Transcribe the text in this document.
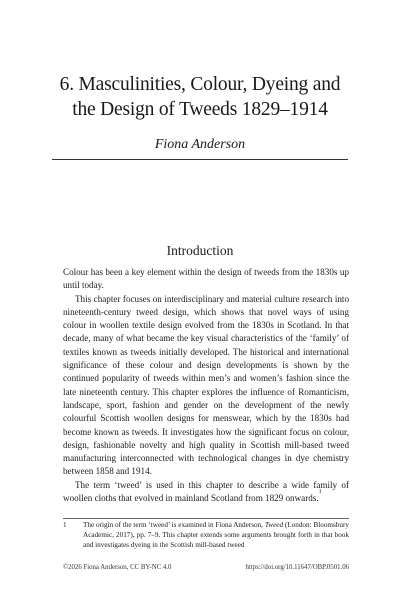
6. Masculinities, Colour, Dyeing and
the Design of Tweeds 1829–1914
Fiona Anderson
Introduction

Colour has been a key element within the design of tweeds from the 1830s up until today.

This chapter focuses on interdisciplinary and material culture research into nineteenth-century tweed design, which shows that novel ways of using colour in woollen textile design evolved from the 1830s in Scotland. In that decade, many of what became the key visual characteristics of the ‘family’ of textiles known as tweeds initially developed. The historical and international significance of these colour and design developments is shown by the continued popularity of tweeds within men’s and women’s fashion since the late nineteenth century. This chapter explores the influence of Romanticism, landscape, sport, fashion and gender on the development of the newly colourful Scottish woollen designs for menswear, which by the 1830s had become known as tweeds. It investigates how the significant focus on colour, design, fashionable novelty and high quality in Scottish mill-based tweed manufacturing interconnected with technological changes in dye chemistry between 1858 and 1914.

The term ‘tweed’ is used in this chapter to describe a wide family of woollen cloths that evolved in mainland Scotland from 1829 onwards.$^1$

1	The origin of the term ‘tweed’ is examined in Fiona Anderson, Tweed (London: Bloomsbury Academic, 2017), pp. 7–9. This chapter extends some arguments brought forth in that book and investigates dyeing in the Scottish mill-based tweed
©2026 Fiona Anderson, CC BY-NC 4.0	https://doi.org/10.11647/OBP.0501.06
